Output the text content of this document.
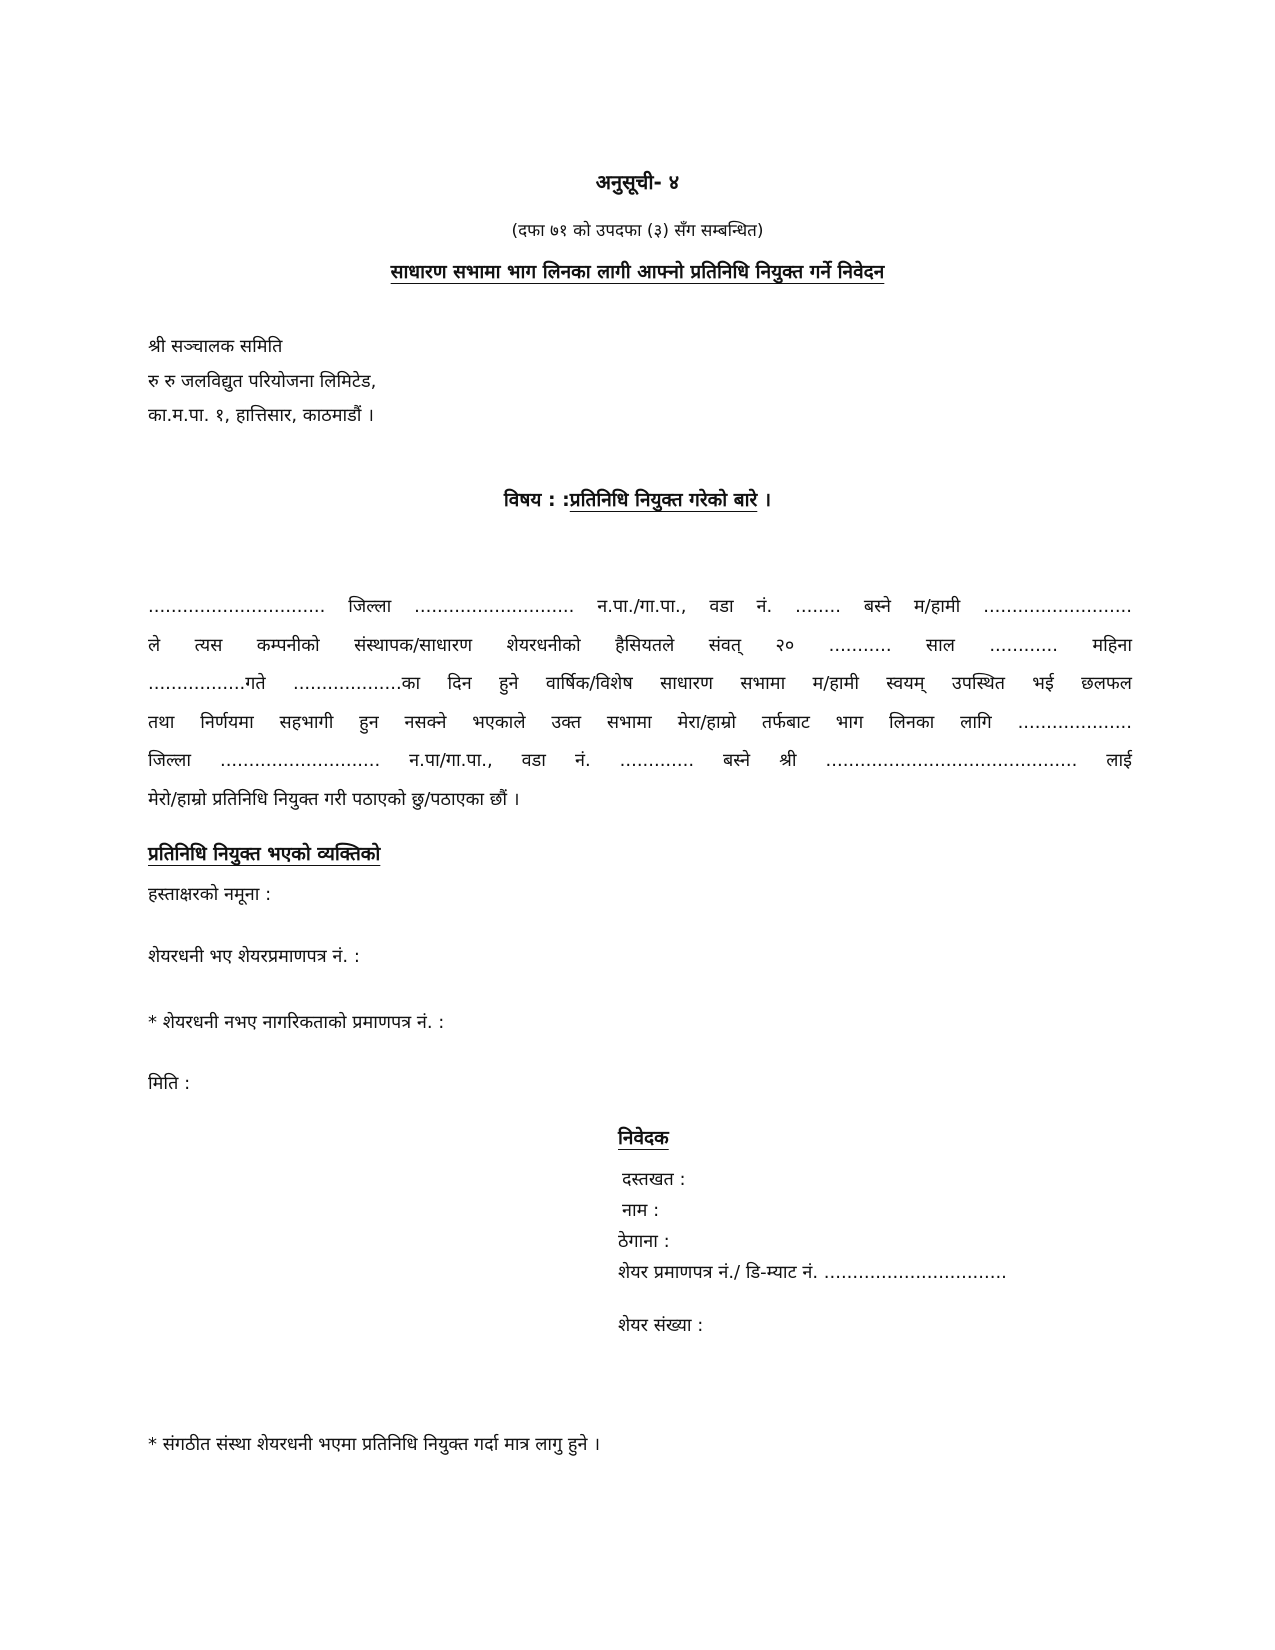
अनुसूची- ४
(दफा ७१ को उपदफा (३) सँग सम्बन्धित)
साधारण सभामा भाग लिनका लागी आफ्नो प्रतिनिधि नियुक्त गर्ने निवेदन
श्री सञ्चालक समिति
रु रु जलविद्युत परियोजना लिमिटेड,
का.म.पा. १, हात्तिसार, काठमाडौं ।
विषय : :प्रतिनिधि नियुक्त गरेको बारे ।
............................... जिल्ला ............................ न.पा./गा.पा., वडा नं. ........ बस्ने म/हामी ..........................
ले त्यस कम्पनीको संस्थापक/साधारण शेयरधनीको हैसियतले संवत् २० ........... साल ............ महिना
.................गते ...................का दिन हुने वार्षिक/विशेष साधारण सभामा म/हामी स्वयम् उपस्थित भई छलफल
तथा निर्णयमा सहभागी हुन नसक्ने भएकाले उक्त सभामा मेरा/हाम्रो तर्फबाट भाग लिनका लागि ....................
जिल्ला ............................ न.पा/गा.पा., वडा नं. ............. बस्ने श्री ............................................ लाई
मेरो/हाम्रो प्रतिनिधि नियुक्त गरी पठाएको छु/पठाएका छौं ।
प्रतिनिधि नियुक्त भएको व्यक्तिको
हस्ताक्षरको नमूना :
शेयरधनी भए शेयरप्रमाणपत्र नं. :
* शेयरधनी नभए नागरिकताको प्रमाणपत्र नं. :
मिति :
निवेदक
दस्तखत :
नाम :
ठेगाना :
शेयर प्रमाणपत्र नं./ डि-म्याट नं. ................................
शेयर संख्या :
* संगठीत संस्था शेयरधनी भएमा प्रतिनिधि नियुक्त गर्दा मात्र लागु हुने ।
